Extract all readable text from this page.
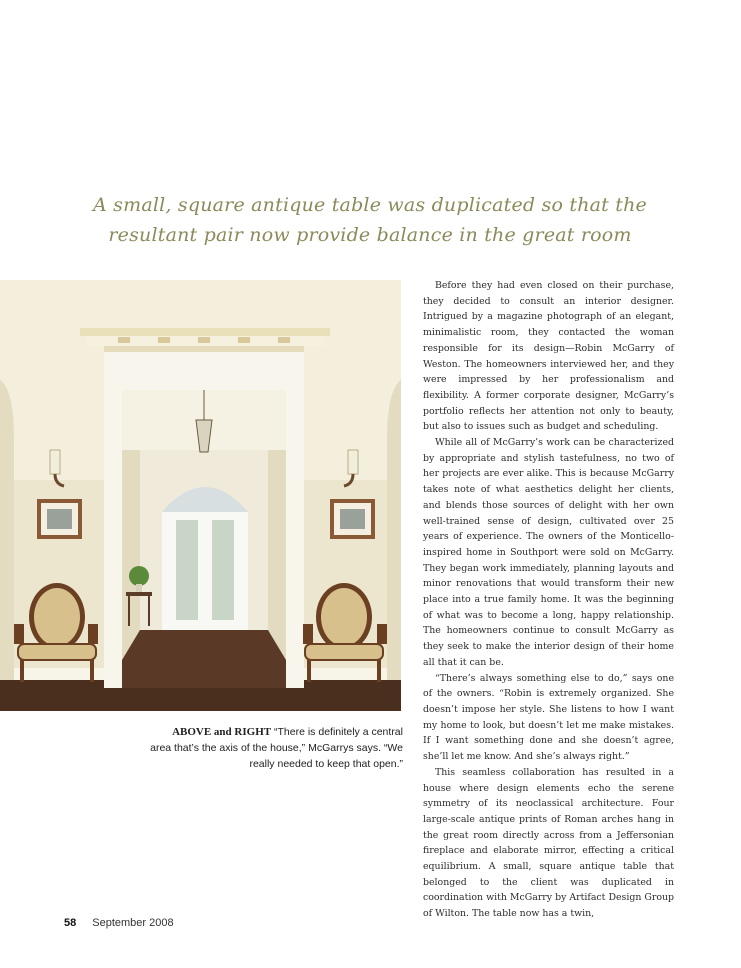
A small, square antique table was duplicated so that the
resultant pair now provide balance in the great room
ABOVE and RIGHT “There is definitely a central area that’s the axis of the house,” McGarrys says. “We really needed to keep that open.”

Before they had even closed on their purchase, they decided to consult an interior designer. Intrigued by a magazine photograph of an elegant, minimalistic room, they contacted the woman responsible for its design—Robin McGarry of Weston. The homeowners interviewed her, and they were impressed by her professionalism and flexibility. A former corporate designer, McGarry’s portfolio reflects her attention not only to beauty, but also to issues such as budget and scheduling.

While all of McGarry’s work can be characterized by appropriate and stylish tastefulness, no two of her projects are ever alike. This is because McGarry takes note of what aesthetics delight her clients, and blends those sources of delight with her own well-trained sense of design, cultivated over 25 years of experience. The owners of the Monticello-inspired home in Southport were sold on McGarry. They began work immediately, planning layouts and minor renovations that would transform their new place into a true family home. It was the beginning of what was to become a long, happy relationship. The homeowners continue to consult McGarry as they seek to make the interior design of their home all that it can be.

“There’s always something else to do,” says one of the owners. “Robin is extremely organized. She doesn’t impose her style. She listens to how I want my home to look, but doesn’t let me make mistakes. If I want something done and she doesn’t agree, she’ll let me know. And she’s always right.”

This seamless collaboration has resulted in a house where design elements echo the serene symmetry of its neoclassical architecture. Four large-scale antique prints of Roman arches hang in the great room directly across from a Jeffersonian fireplace and elaborate mirror, effecting a critical equilibrium. A small, square antique table that belonged to the client was duplicated in coordination with McGarry by Artifact Design Group of Wilton. The table now has a twin,

58 September 2008
